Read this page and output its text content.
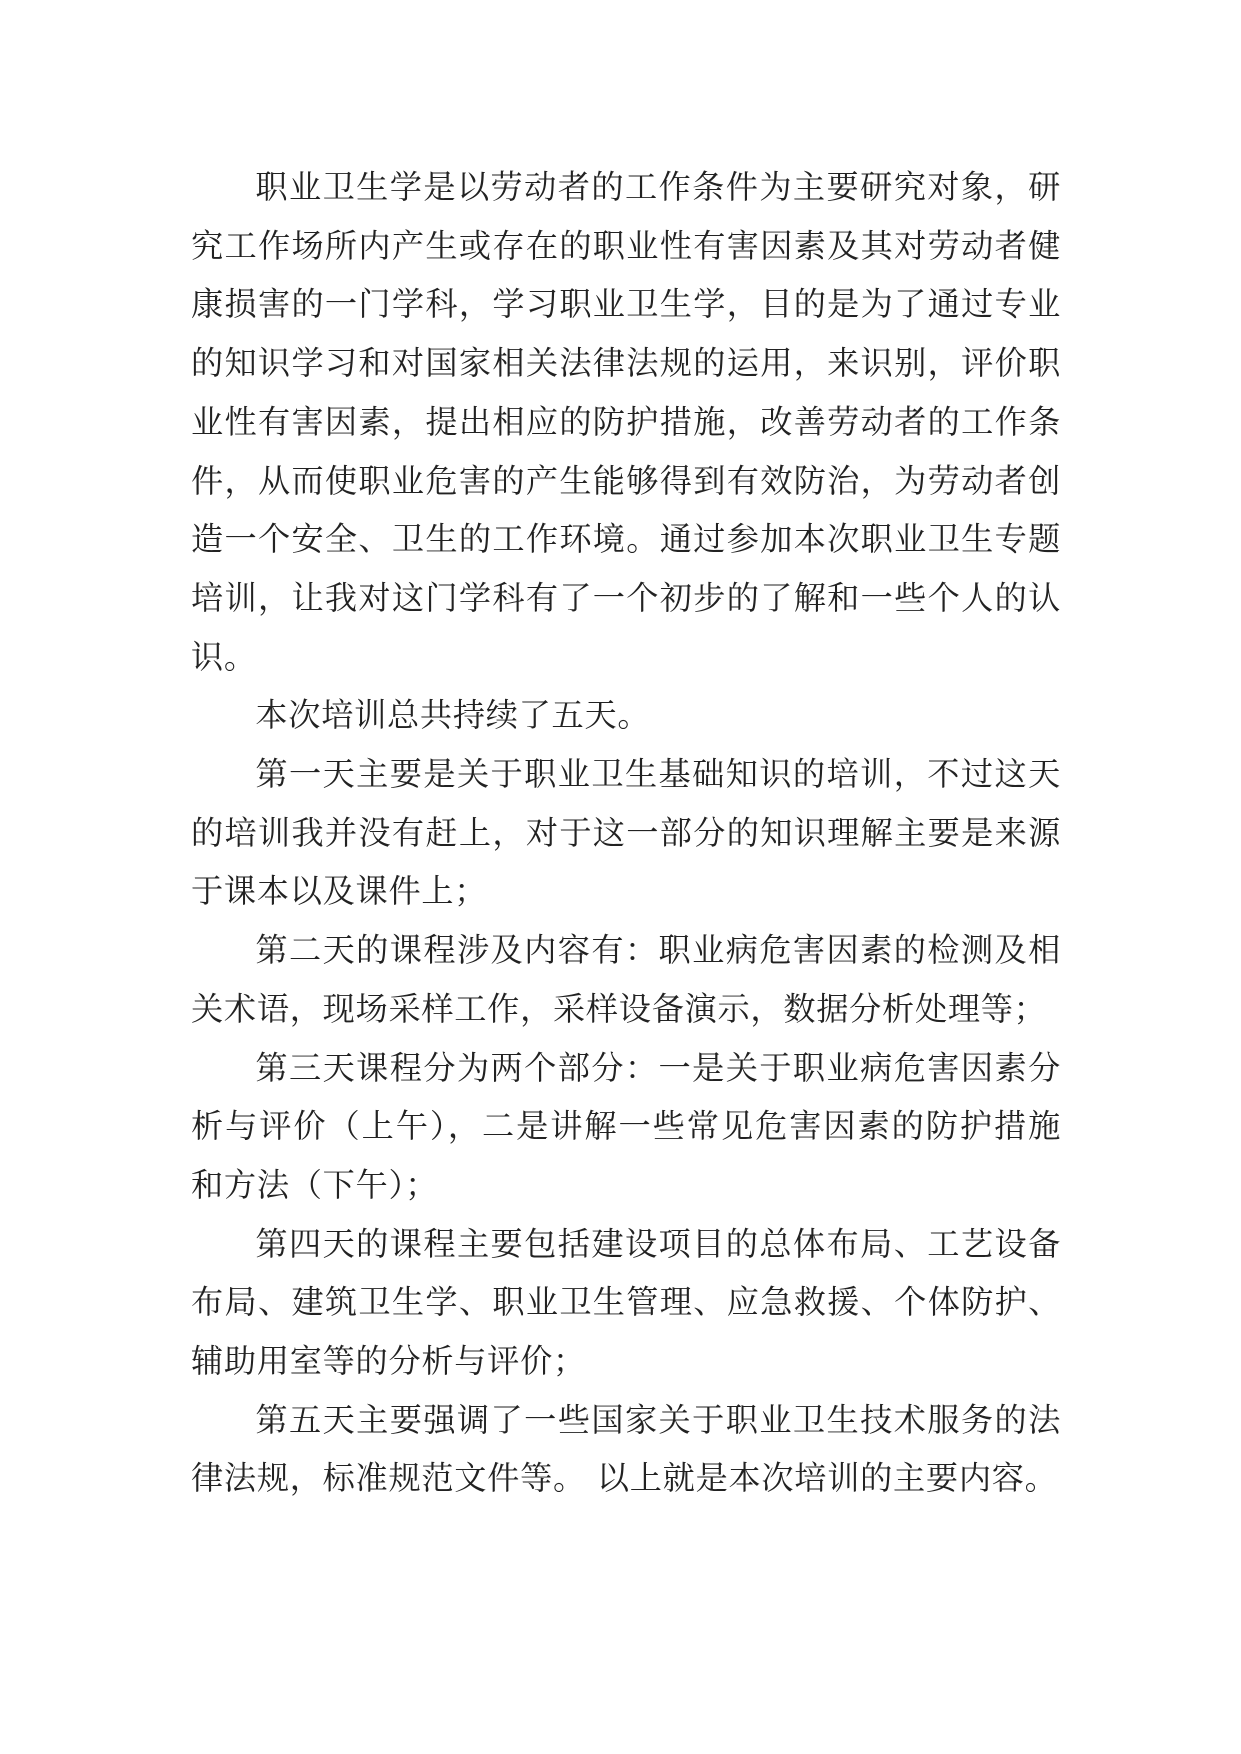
职业卫生学是以劳动者的工作条件为主要研究对象，研究工作场所内产生或存在的职业性有害因素及其对劳动者健康损害的一门学科，学习职业卫生学，目的是为了通过专业的知识学习和对国家相关法律法规的运用，来识别，评价职业性有害因素，提出相应的防护措施，改善劳动者的工作条件，从而使职业危害的产生能够得到有效防治，为劳动者创造一个安全、卫生的工作环境。通过参加本次职业卫生专题培训，让我对这门学科有了一个初步的了解和一些个人的认识。

本次培训总共持续了五天。

第一天主要是关于职业卫生基础知识的培训，不过这天的培训我并没有赶上，对于这一部分的知识理解主要是来源于课本以及课件上；

第二天的课程涉及内容有：职业病危害因素的检测及相关术语，现场采样工作，采样设备演示，数据分析处理等；

第三天课程分为两个部分：一是关于职业病危害因素分析与评价（上午），二是讲解一些常见危害因素的防护措施和方法（下午）；

第四天的课程主要包括建设项目的总体布局、工艺设备布局、建筑卫生学、职业卫生管理、应急救援、个体防护、辅助用室等的分析与评价；

第五天主要强调了一些国家关于职业卫生技术服务的法律法规，标准规范文件等。 以上就是本次培训的主要内容。
